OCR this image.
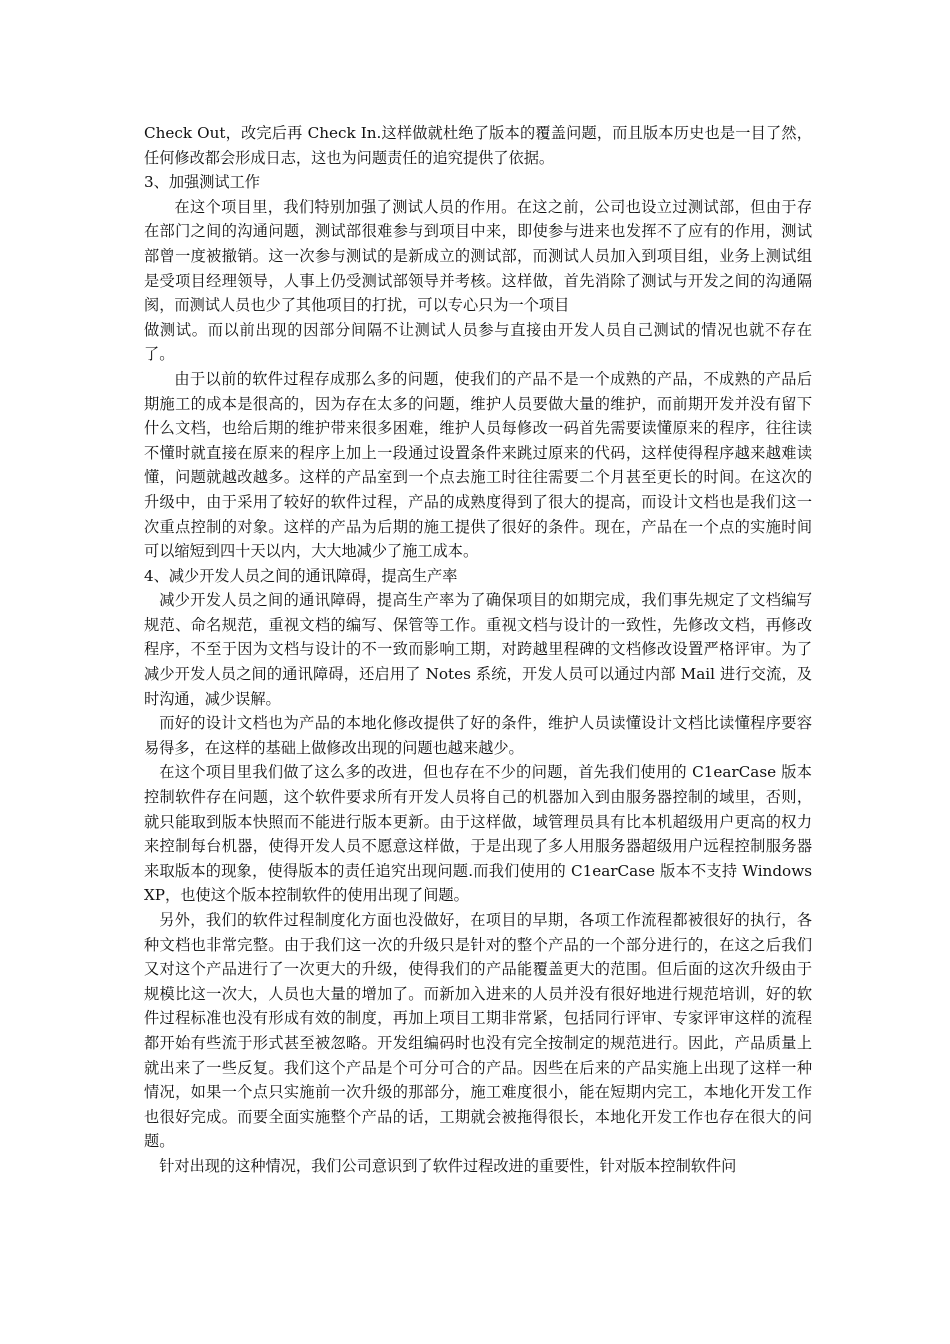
Check Out，改完后再 Check In.这样做就杜绝了版本的覆盖问题，而且版本历史也是一目了然，任何修改都会形成日志，这也为问题责任的追究提供了依据。

3、加强测试工作

在这个项目里，我们特别加强了测试人员的作用。在这之前，公司也设立过测试部，但由于存在部门之间的沟通问题，测试部很难参与到项目中来，即使参与进来也发挥不了应有的作用，测试部曾一度被撤销。这一次参与测试的是新成立的测试部，而测试人员加入到项目组，业务上测试组是受项目经理领导，人事上仍受测试部领导并考核。这样做，首先消除了测试与开发之间的沟通隔阂，而测试人员也少了其他项目的打扰，可以专心只为一个项目

做测试。而以前出现的因部分间隔不让测试人员参与直接由开发人员自己测试的情况也就不存在了。

由于以前的软件过程存成那么多的问题，使我们的产品不是一个成熟的产品，不成熟的产品后期施工的成本是很高的，因为存在太多的问题，维护人员要做大量的维护，而前期开发并没有留下什么文档，也给后期的维护带来很多困难，维护人员每修改一码首先需要读懂原来的程序，往往读不懂时就直接在原来的程序上加上一段通过设置条件来跳过原来的代码，这样使得程序越来越难读懂，问题就越改越多。这样的产品室到一个点去施工时往往需要二个月甚至更长的时间。在这次的升级中，由于采用了较好的软件过程，产品的成熟度得到了很大的提高，而设计文档也是我们这一次重点控制的对象。这样的产品为后期的施工提供了很好的条件。现在，产品在一个点的实施时间可以缩短到四十天以内，大大地减少了施工成本。

4、减少开发人员之间的通讯障碍，提高生产率

减少开发人员之间的通讯障碍，提高生产率为了确保项目的如期完成，我们事先规定了文档编写规范、命名规范，重视文档的编写、保管等工作。重视文档与设计的一致性，先修改文档，再修改程序，不至于因为文档与设计的不一致而影响工期，对跨越里程碑的文档修改设置严格评审。为了减少开发人员之间的通讯障碍，还启用了 Notes 系统，开发人员可以通过内部 Mail 进行交流，及时沟通，减少误解。

而好的设计文档也为产品的本地化修改提供了好的条件，维护人员读懂设计文档比读懂程序要容易得多，在这样的基础上做修改出现的问题也越来越少。

在这个项目里我们做了这么多的改进，但也存在不少的问题，首先我们使用的 C1earCase 版本控制软件存在问题，这个软件要求所有开发人员将自己的机器加入到由服务器控制的域里，否则，就只能取到版本快照而不能进行版本更新。由于这样做，域管理员具有比本机超级用户更高的权力来控制每台机器，使得开发人员不愿意这样做，于是出现了多人用服务器超级用户远程控制服务器来取版本的现象，使得版本的责任追究出现问题.而我们使用的 C1earCase 版本不支持 Windows XP，也使这个版本控制软件的使用出现了间题。

另外，我们的软件过程制度化方面也没做好，在项目的早期，各项工作流程都被很好的执行，各种文档也非常完整。由于我们这一次的升级只是针对的整个产品的一个部分进行的，在这之后我们又对这个产品进行了一次更大的升级，使得我们的产品能覆盖更大的范围。但后面的这次升级由于规模比这一次大，人员也大量的增加了。而新加入进来的人员并没有很好地进行规范培训，好的软件过程标准也没有形成有效的制度，再加上项目工期非常紧，包括同行评审、专家评审这样的流程都开始有些流于形式甚至被忽略。开发组编码时也没有完全按制定的规范进行。因此，产品质量上就出来了一些反复。我们这个产品是个可分可合的产品。因些在后来的产品实施上出现了这样一种情况，如果一个点只实施前一次升级的那部分，施工难度很小，能在短期内完工，本地化开发工作也很好完成。而要全面实施整个产品的话，工期就会被拖得很长，本地化开发工作也存在很大的问题。

针对出现的这种情况，我们公司意识到了软件过程改进的重要性，针对版本控制软件问
